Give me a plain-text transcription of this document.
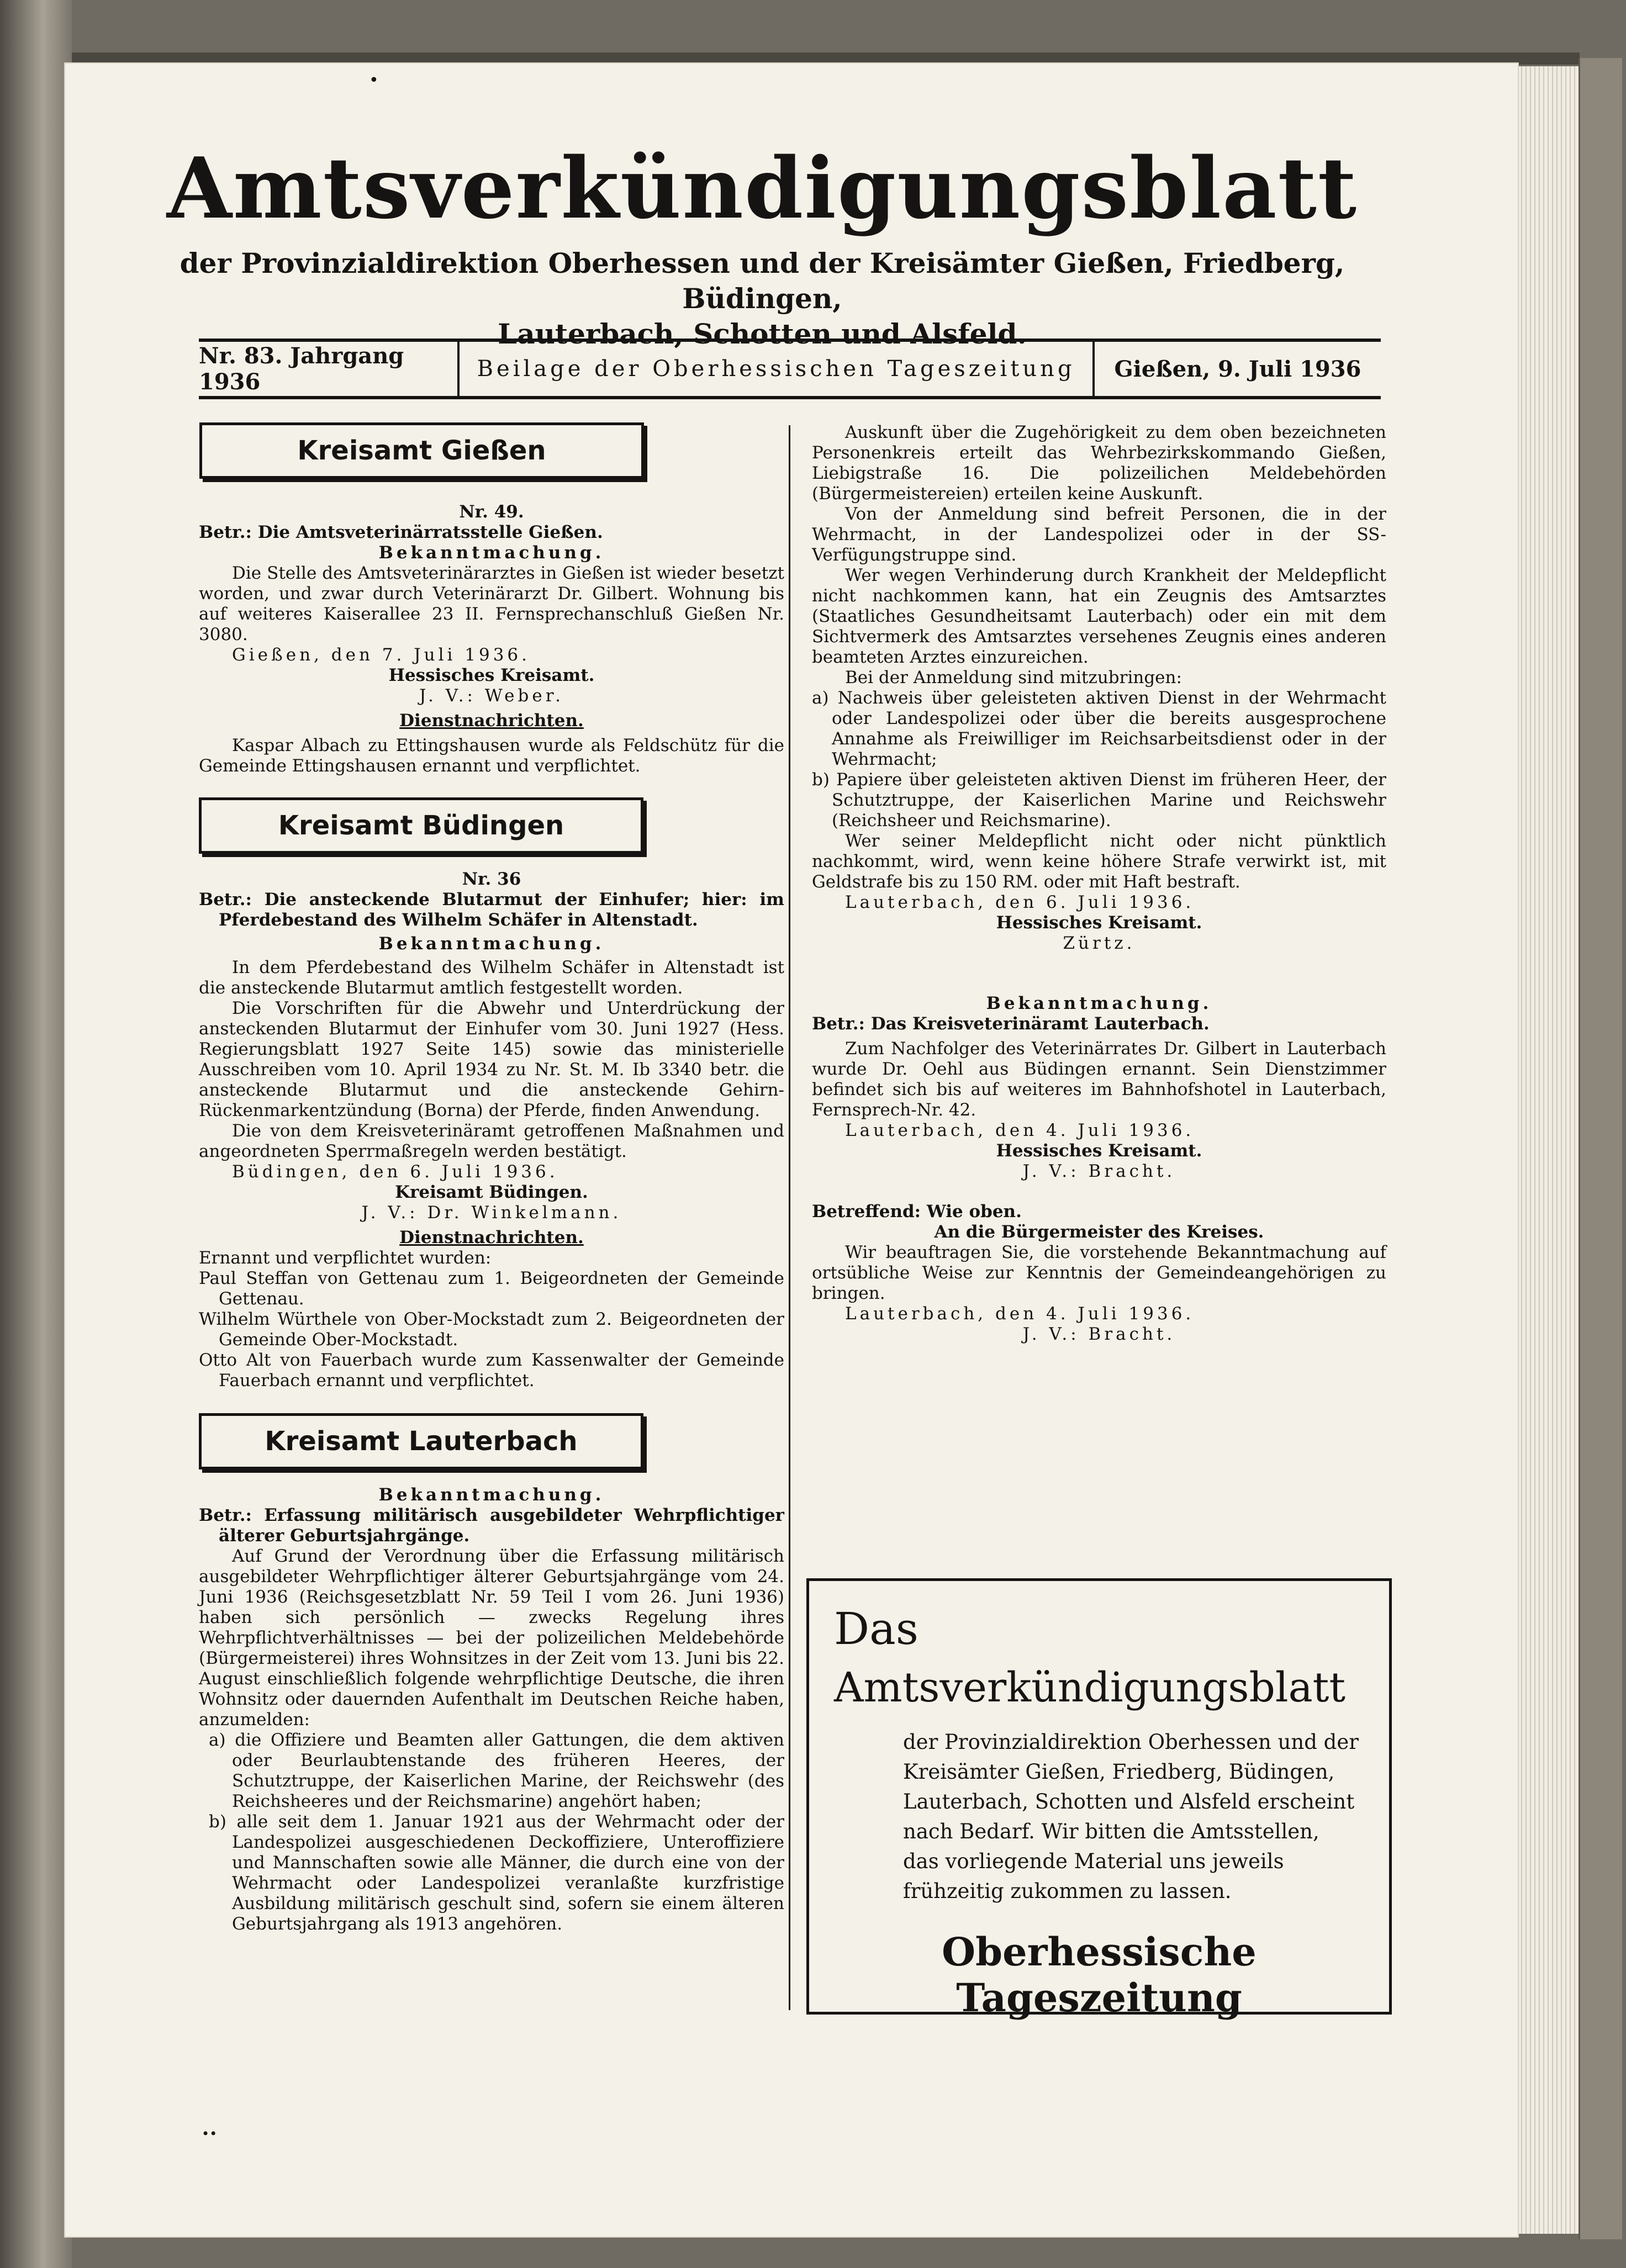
•
••
Amtsverkündigungsblatt
der Provinzialdirektion Oberhessen und der Kreisämter Gießen, Friedberg, Büdingen,
Lauterbach, Schotten und Alsfeld.
Nr. 83. Jahrgang 1936	Beilage der Oberhessischen Tageszeitung	Gießen, 9. Juli 1936
Kreisamt Gießen

Nr. 49.

Betr.: Die Amtsveterinärratsstelle Gießen.

Bekanntmachung.

Die Stelle des Amtsveterinärarztes in Gießen ist wieder besetzt worden, und zwar durch Veterinärarzt Dr. Gilbert. Wohnung bis auf weiteres Kaiserallee 23 II. Fernsprechanschluß Gießen Nr. 3080.

Gießen, den 7. Juli 1936.

Hessisches Kreisamt.

J. V.: Weber.

Dienstnachrichten.

Kaspar Albach zu Ettingshausen wurde als Feldschütz für die Gemeinde Ettingshausen ernannt und verpflichtet.

Kreisamt Büdingen

Nr. 36

Betr.: Die ansteckende Blutarmut der Einhufer; hier: im Pferdebestand des Wilhelm Schäfer in Altenstadt.

Bekanntmachung.

In dem Pferdebestand des Wilhelm Schäfer in Altenstadt ist die ansteckende Blutarmut amtlich festgestellt worden.

Die Vorschriften für die Abwehr und Unterdrückung der ansteckenden Blutarmut der Einhufer vom 30. Juni 1927 (Hess. Regierungsblatt 1927 Seite 145) sowie das ministerielle Ausschreiben vom 10. April 1934 zu Nr. St. M. Ib 3340 betr. die ansteckende Blutarmut und die ansteckende Gehirn-Rückenmarkentzündung (Borna) der Pferde, finden Anwendung.

Die von dem Kreisveterinäramt getroffenen Maßnahmen und angeordneten Sperrmaßregeln werden bestätigt.

Büdingen, den 6. Juli 1936.

Kreisamt Büdingen.

J. V.: Dr. Winkelmann.

Dienstnachrichten.

Ernannt und verpflichtet wurden:

Paul Steffan von Gettenau zum 1. Beigeordneten der Gemeinde Gettenau.

Wilhelm Würthele von Ober-Mockstadt zum 2. Beigeordneten der Gemeinde Ober-Mockstadt.

Otto Alt von Fauerbach wurde zum Kassenwalter der Gemeinde Fauerbach ernannt und verpflichtet.

Kreisamt Lauterbach

Bekanntmachung.

Betr.: Erfassung militärisch ausgebildeter Wehrpflichtiger älterer Geburtsjahrgänge.

Auf Grund der Verordnung über die Erfassung militärisch ausgebildeter Wehrpflichtiger älterer Geburtsjahrgänge vom 24. Juni 1936 (Reichsgesetzblatt Nr. 59 Teil I vom 26. Juni 1936) haben sich persönlich — zwecks Regelung ihres Wehrpflichtverhältnisses — bei der polizeilichen Meldebehörde (Bürgermeisterei) ihres Wohnsitzes in der Zeit vom 13. Juni bis 22. August einschließlich folgende wehrpflichtige Deutsche, die ihren Wohnsitz oder dauernden Aufenthalt im Deutschen Reiche haben, anzumelden:

a) die Offiziere und Beamten aller Gattungen, die dem aktiven oder Beurlaubtenstande des früheren Heeres, der Schutztruppe, der Kaiserlichen Marine, der Reichswehr (des Reichsheeres und der Reichsmarine) angehört haben;

b) alle seit dem 1. Januar 1921 aus der Wehrmacht oder der Landespolizei ausgeschiedenen Deckoffiziere, Unteroffiziere und Mannschaften sowie alle Männer, die durch eine von der Wehrmacht oder Landespolizei veranlaßte kurzfristige Ausbildung militärisch geschult sind, sofern sie einem älteren Geburtsjahrgang als 1913 angehören.

Auskunft über die Zugehörigkeit zu dem oben bezeichneten Personenkreis erteilt das Wehrbezirkskommando Gießen, Liebigstraße 16. Die polizeilichen Meldebehörden (Bürgermeistereien) erteilen keine Auskunft.

Von der Anmeldung sind befreit Personen, die in der Wehrmacht, in der Landespolizei oder in der SS-Verfügungstruppe sind.

Wer wegen Verhinderung durch Krankheit der Meldepflicht nicht nachkommen kann, hat ein Zeugnis des Amtsarztes (Staatliches Gesundheitsamt Lauterbach) oder ein mit dem Sichtvermerk des Amtsarztes versehenes Zeugnis eines anderen beamteten Arztes einzureichen.

Bei der Anmeldung sind mitzubringen:

a) Nachweis über geleisteten aktiven Dienst in der Wehrmacht oder Landespolizei oder über die bereits ausgesprochene Annahme als Freiwilliger im Reichsarbeitsdienst oder in der Wehrmacht;

b) Papiere über geleisteten aktiven Dienst im früheren Heer, der Schutztruppe, der Kaiserlichen Marine und Reichswehr (Reichsheer und Reichsmarine).

Wer seiner Meldepflicht nicht oder nicht pünktlich nachkommt, wird, wenn keine höhere Strafe verwirkt ist, mit Geldstrafe bis zu 150 RM. oder mit Haft bestraft.

Lauterbach, den 6. Juli 1936.

Hessisches Kreisamt.

Zürtz.

Bekanntmachung.

Betr.: Das Kreisveterinäramt Lauterbach.

Zum Nachfolger des Veterinärrates Dr. Gilbert in Lauterbach wurde Dr. Oehl aus Büdingen ernannt. Sein Dienstzimmer befindet sich bis auf weiteres im Bahnhofshotel in Lauterbach, Fernsprech-Nr. 42.

Lauterbach, den 4. Juli 1936.

Hessisches Kreisamt.

J. V.: Bracht.

Betreffend: Wie oben.

An die Bürgermeister des Kreises.

Wir beauftragen Sie, die vorstehende Bekanntmachung auf ortsübliche Weise zur Kenntnis der Gemeindeangehörigen zu bringen.

Lauterbach, den 4. Juli 1936.

J. V.: Bracht.

Das
Amtsverkündigungsblatt
der Provinzialdirektion Oberhessen und der Kreisämter Gießen, Friedberg, Büdingen, Lauterbach, Schotten und Alsfeld erscheint nach Bedarf. Wir bitten die Amtsstellen, das vorliegende Material uns jeweils frühzeitig zukommen zu lassen.
Oberhessische Tageszeitung
